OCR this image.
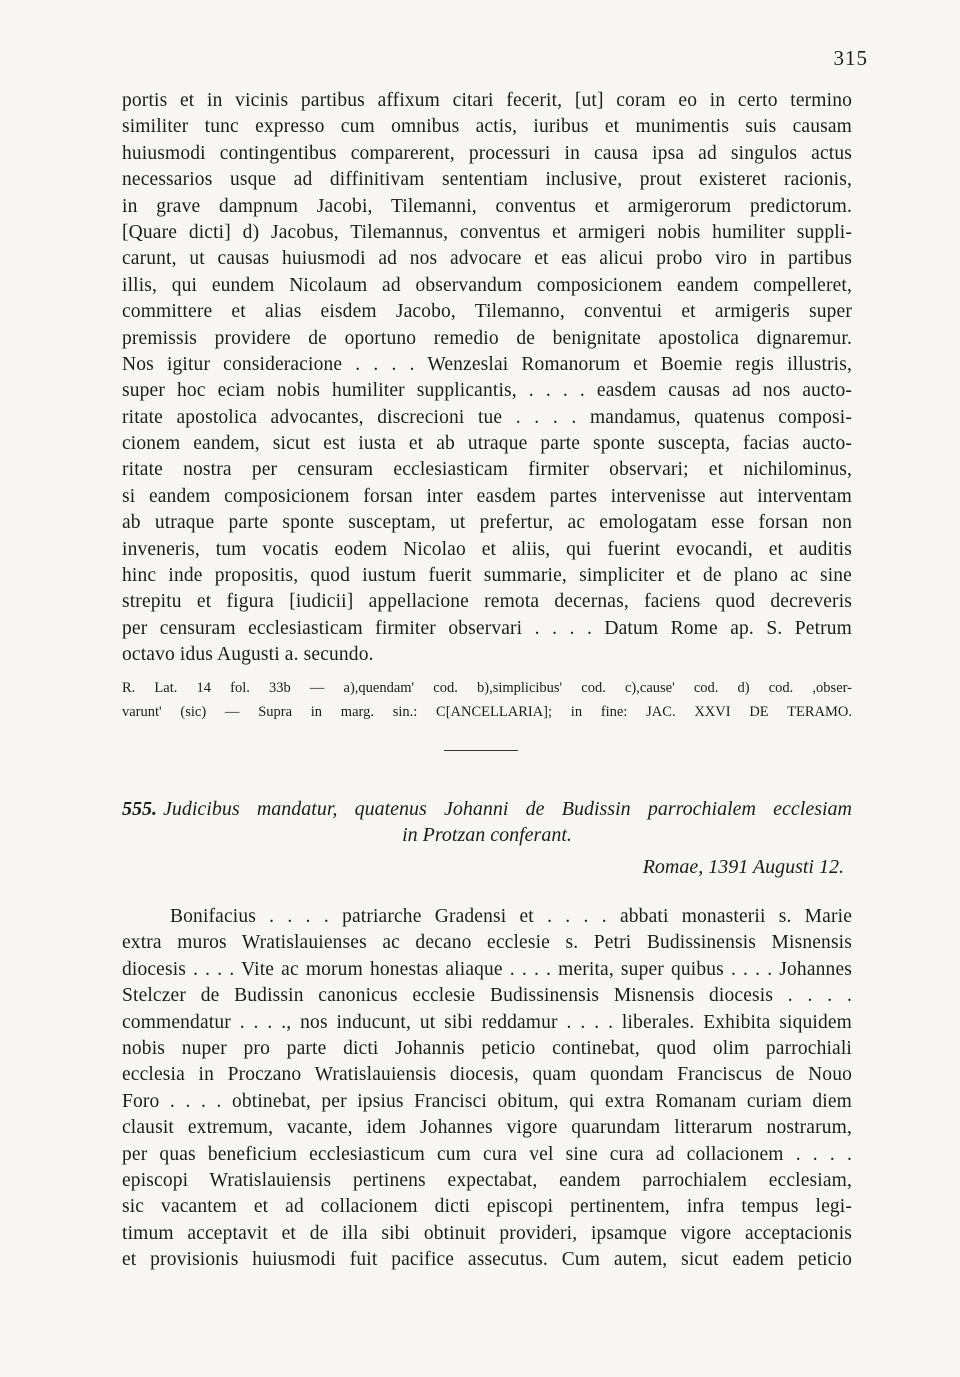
315
portis et in vicinis partibus affixum citari fecerit, [ut] coram eo in certo termino
similiter tunc expresso cum omnibus actis, iuribus et munimentis suis causam
huiusmodi contingentibus comparerent, processuri in causa ipsa ad singulos actus
necessarios usque ad diffinitivam sententiam inclusive, prout existeret racionis,
in grave dampnum Jacobi, Tilemanni, conventus et armigerorum predictorum.
[Quare dicti] d) Jacobus, Tilemannus, conventus et armigeri nobis humiliter suppli-
carunt, ut causas huiusmodi ad nos advocare et eas alicui probo viro in partibus
illis, qui eundem Nicolaum ad observandum composicionem eandem compelleret,
committere et alias eisdem Jacobo, Tilemanno, conventui et armigeris super
premissis providere de oportuno remedio de benignitate apostolica dignaremur.
Nos igitur consideracione . . . . Wenzeslai Romanorum et Boemie regis illustris,
super hoc eciam nobis humiliter supplicantis, . . . . easdem causas ad nos aucto-
ritate apostolica advocantes, discrecioni tue . . . . mandamus, quatenus composi-
cionem eandem, sicut est iusta et ab utraque parte sponte suscepta, facias aucto-
ritate nostra per censuram ecclesiasticam firmiter observari; et nichilominus,
si eandem composicionem forsan inter easdem partes intervenisse aut interventam
ab utraque parte sponte susceptam, ut prefertur, ac emologatam esse forsan non
inveneris, tum vocatis eodem Nicolao et aliis, qui fuerint evocandi, et auditis
hinc inde propositis, quod iustum fuerit summarie, simpliciter et de plano ac sine
strepitu et figura [iudicii] appellacione remota decernas, faciens quod decreveris
per censuram ecclesiasticam firmiter observari . . . . Datum Rome ap. S. Petrum
octavo idus Augusti a. secundo.
R. Lat. 14 fol. 33b — a),quendam' cod. b),simplicibus' cod. c),cause' cod. d) cod. ,obser-
varunt' (sic) — Supra in marg. sin.: C[ANCELLARIA]; in fine: JAC. XXVI DE TERAMO.
555. Judicibus mandatur, quatenus Johanni de Budissin parrochialem ecclesiam
in Protzan conferant.
Romae, 1391 Augusti 12.
Bonifacius . . . . patriarche Gradensi et . . . . abbati monasterii s. Marie
extra muros Wratislauienses ac decano ecclesie s. Petri Budissinensis Misnensis
diocesis . . . . Vite ac morum honestas aliaque . . . . merita, super quibus . . . . Johannes
Stelczer de Budissin canonicus ecclesie Budissinensis Misnensis diocesis . . . .
commendatur . . . ., nos inducunt, ut sibi reddamur . . . . liberales. Exhibita siquidem
nobis nuper pro parte dicti Johannis peticio continebat, quod olim parrochiali
ecclesia in Proczano Wratislauiensis diocesis, quam quondam Franciscus de Nouo
Foro . . . . obtinebat, per ipsius Francisci obitum, qui extra Romanam curiam diem
clausit extremum, vacante, idem Johannes vigore quarundam litterarum nostrarum,
per quas beneficium ecclesiasticum cum cura vel sine cura ad collacionem . . . .
episcopi Wratislauiensis pertinens expectabat, eandem parrochialem ecclesiam,
sic vacantem et ad collacionem dicti episcopi pertinentem, infra tempus legi-
timum acceptavit et de illa sibi obtinuit provideri, ipsamque vigore acceptacionis
et provisionis huiusmodi fuit pacifice assecutus. Cum autem, sicut eadem peticio
